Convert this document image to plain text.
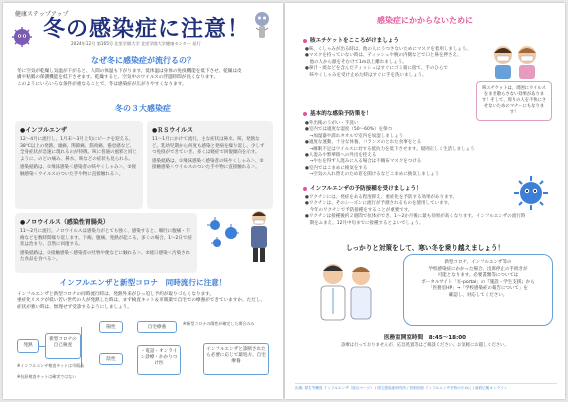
健康ステップアップ
冬の感染症に注意！
2024年12月 第165号 北里学園大学 北里学園大学健康センター 発行
なぜ冬に感染症が流行るの？
冬に空気が乾燥し気温が下がると、人間の体温も下がります。低体温は身体の免疫機能を低下させ、乾燥は皮
膚や粘膜の保護機能を低下させます。乾燥すると、空気中のウイルスの浮遊時間が長くなります。
このようにいろいろな条件が重なることで、冬は感染症が広がりやすくなります。
冬の３大感染症
●インフルエンザ

12～4月に流行し、1月末～3月上旬にピークを迎える。38℃以上の発熱、頭痛、関節痛、筋肉痛、倦怠感など、全身症状が急速に現れるのが特徴。咳に普通の風邪と同じように、のどの痛み、鼻水、咳などの症状も見られる。

感染経路は、①飛沫感染＜感染者の咳やくしゃみ＞、②接触感染＜ウイルスのついた手や物に直接触れる＞。

●ＲＳウイルス

11～1月にかけて流行。主な症状は鼻水、咳、発熱など。乳幼児期から何度も感染と発病を繰り返し、少しずつ免疫ができていき、多くは軽症で回復傾向を示す。

感染経路は、①飛沫感染＜感染者の咳やくしゃみ＞、②接触感染＜ウイルスのついた手や物に直接触れる＞。

●ノロウイルス（感染性胃腸炎）

11～2月に流行。ノロウイルスは感染力がとても強く、感染すると、嘔吐に腹痛・下痢などを数時間繰り返します。下痢、腹痛、発熱が起こる。多くの場合、1～2日で症状は治まり、自然に回復する。

感染経路は、①接触感染＜感染者の吐物や便などに触れる＞、②経口感染＜汚染された食品を食べる＞。

インフルエンザと新型コロナ　同時流行に注意！
インフルエンザと新型コロナの同時流行時は、発熱外来がひっ迫し予約が取りづらくなります。
重症化リスクが低い若い世代の人が発熱した時は、まず検査キット＆市販薬で自宅での療養ができていますか。ただし、
症状が強い時は、無理せず受診するようにしましょう。
発熱
新型コロナの自己検査
陽性
陰性
自宅療養
・電話・オンライン診療・かかりつけ医
インフルエンザと診断されたら必要に応じて薬処方、自宅療養
※新型コロナの陽性が確定した場合のみ
※インフルエンザ検査キットは市販品

※抗原検査キットは確実ではない
感染症にかからないために
咳エチケットをこころがけましょう
●咳、くしゃみが出る時は、他の人にうつさないためにマスクを着用しましょう。
●マスクを持っていない時は、ティッシュや腕の内側などで口と鼻を押さえ、
　他の人から顔をそむけて1m以上離れましょう。
●鼻汁・痰などを含んだティッシュはすぐにゴミ箱に捨て、手のひらで
　咳やくしゃみを受け止めた時はすぐに手を洗いましょう。
咳エチケットは、周囲にウイルスをまき散らさない効果があります！そして、周りの人を不快にさせないためのマナーにもなります！
基本的な感染予防策を！
●外出後のうがい・手洗い
●室内では適度な湿度（50～60%）を保つ
　→加湿器や濡れタオルで室内を加湿しましょう
●適度な運動、十分な休養、バランスのとれた食事をとる
　→睡眠不足はウイルスに対する抵抗力を低下させます。規則正しく生活しましょう
●人混みや繁華街への外出を控える
　→やむを得ず人混みに入る場合は不織布マスクをつける
●室内ではこまめに換気をする
　→空気の入れ替えのため窓を開けるなどこまめに換気しましょう
インフルエンザの予防接種を受けましょう！
●ワクチンには、発症をある程度抑え、重症化を予防する効果があります。
●ワクチンは、そのシーズンに流行が予測されるものを使用しています。
　今年のワクチンで予防接種をすることが重要です。
●ワクチンは接種後約２週間で抗体ができ、1～2か月後に最も効果が高くなります。インフルエンザの流行時
　期をふまえ、12月中旬までに接種するとよいでしょう。
しっかりと対策をして、寒い冬を乗り越えましょう！
新型コロナ、インフルエンザ等の
学校感染症にかかった場合、出席停止の手続きが
可能となります。必要書類等については
ポータルサイト「Ⓚ-portal」の『施設・学生支援』から
「医務室HP」→「学校感染症の報告について」を
確認し、対応してください。
医務室開室時間　8:45～18:00
診療は行っておりませんが、応急処置等はご相談ください。お気軽にお越しください。
出典: 厚生労働省 インフルエンザ（総合ページ） / 国立感染症研究所 / 首相官邸 インフルエンザ予防のために / 政府広報オンライン
